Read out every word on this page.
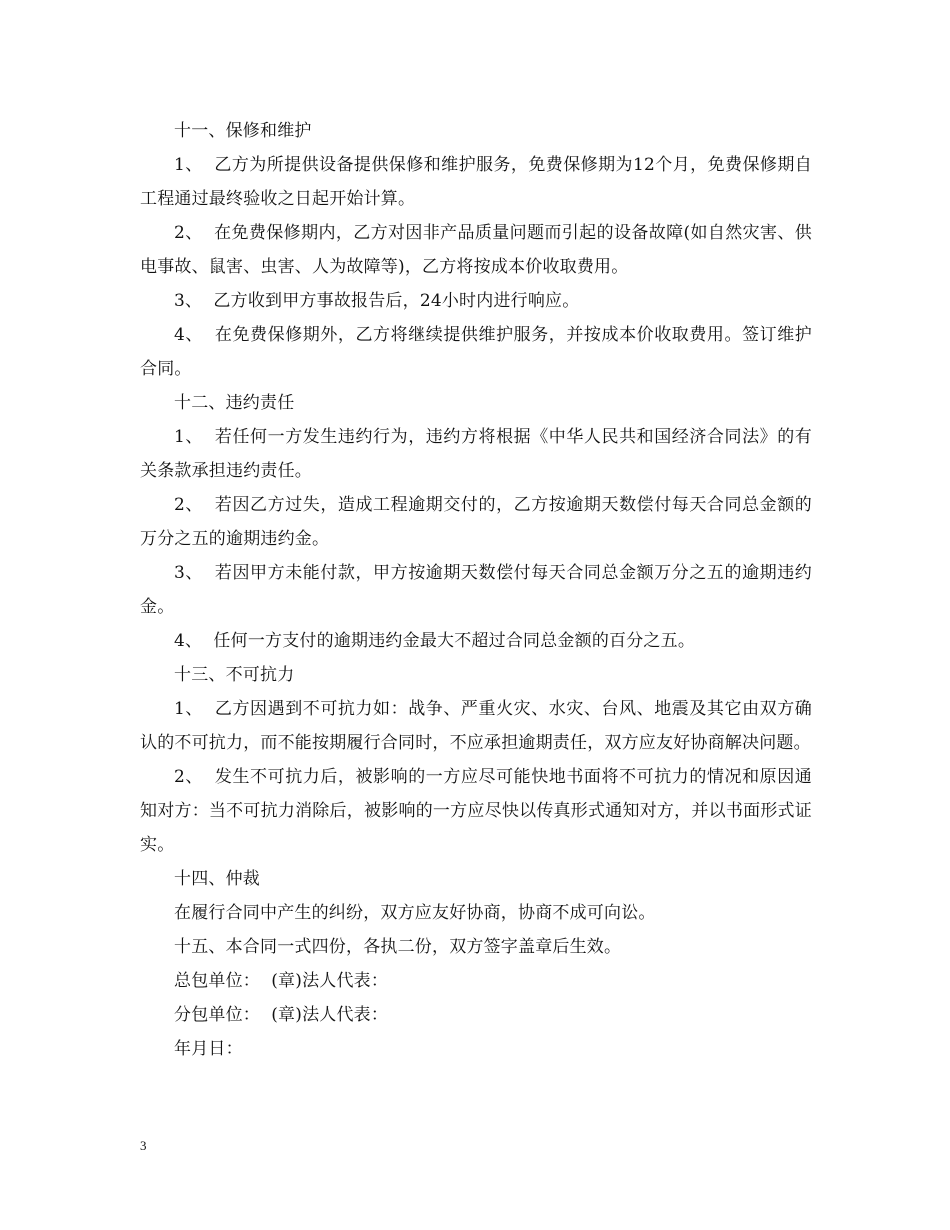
十一、保修和维护

1、  乙方为所提供设备提供保修和维护服务，免费保修期为12个月，免费保修期自工程通过最终验收之日起开始计算。

2、  在免费保修期内，乙方对因非产品质量问题而引起的设备故障(如自然灾害、供电事故、鼠害、虫害、人为故障等)，乙方将按成本价收取费用。

3、  乙方收到甲方事故报告后，24小时内进行响应。

4、  在免费保修期外，乙方将继续提供维护服务，并按成本价收取费用。签订维护合同。

十二、违约责任

1、  若任何一方发生违约行为，违约方将根据《中华人民共和国经济合同法》的有关条款承担违约责任。

2、  若因乙方过失，造成工程逾期交付的，乙方按逾期天数偿付每天合同总金额的万分之五的逾期违约金。

3、  若因甲方未能付款，甲方按逾期天数偿付每天合同总金额万分之五的逾期违约金。

4、  任何一方支付的逾期违约金最大不超过合同总金额的百分之五。

十三、不可抗力

1、  乙方因遇到不可抗力如：战争、严重火灾、水灾、台风、地震及其它由双方确认的不可抗力，而不能按期履行合同时，不应承担逾期责任，双方应友好协商解决问题。

2、  发生不可抗力后，被影响的一方应尽可能快地书面将不可抗力的情况和原因通知对方：当不可抗力消除后，被影响的一方应尽快以传真形式通知对方，并以书面形式证实。

十四、仲裁

在履行合同中产生的纠纷，双方应友好协商，协商不成可向讼。

十五、本合同一式四份，各执二份，双方签字盖章后生效。

总包单位：  (章)法人代表：

分包单位：  (章)法人代表：

年月日：

3
